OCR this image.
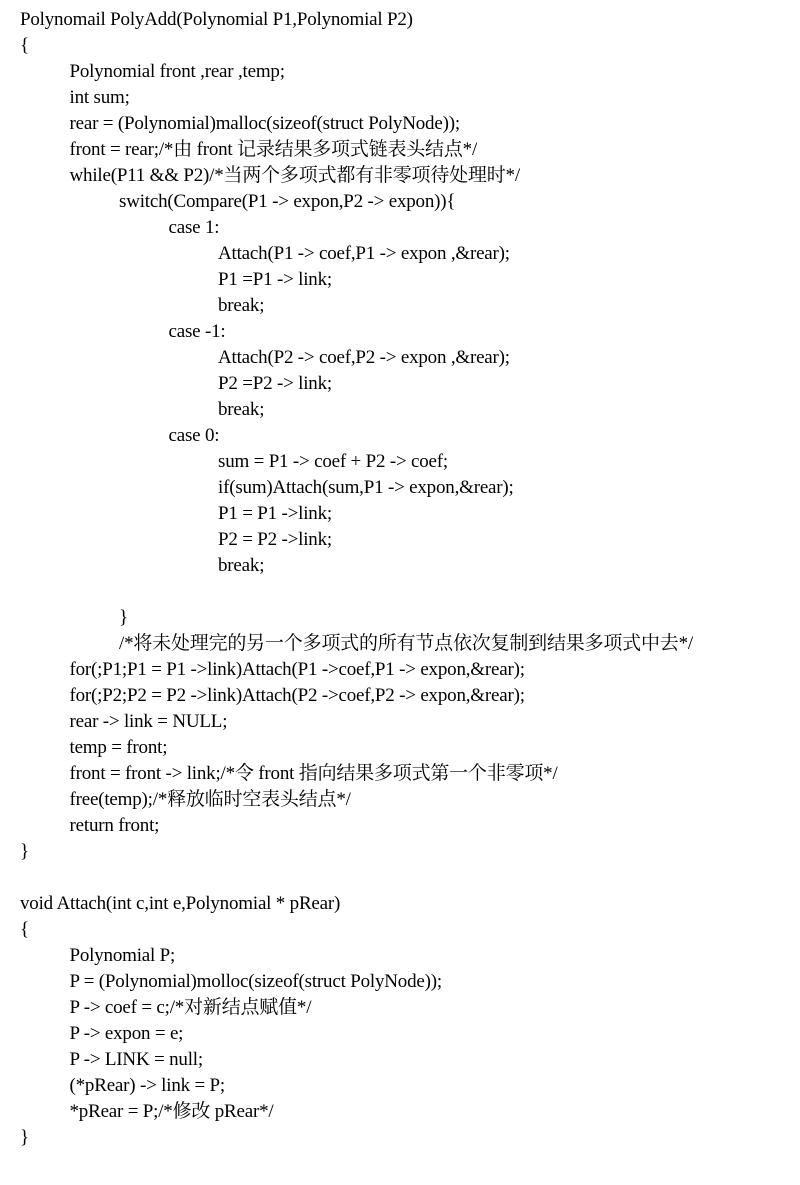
Polynomail PolyAdd(Polynomial P1,Polynomial P2)
{
Polynomial front ,rear ,temp;
int sum;
rear = (Polynomial)malloc(sizeof(struct PolyNode));
front = rear;/*由 front 记录结果多项式链表头结点*/
while(P11 && P2)/*当两个多项式都有非零项待处理时*/
switch(Compare(P1 -> expon,P2 -> expon)){
case 1:
Attach(P1 -> coef,P1 -> expon ,&rear);
P1 =P1 -> link;
break;
case -1:
Attach(P2 -> coef,P2 -> expon ,&rear);
P2 =P2 -> link;
break;
case 0:
sum = P1 -> coef + P2 -> coef;
if(sum)Attach(sum,P1 -> expon,&rear);
P1 = P1 ->link;
P2 = P2 ->link;
break;
}
/*将未处理完的另一个多项式的所有节点依次复制到结果多项式中去*/
for(;P1;P1 = P1 ->link)Attach(P1 ->coef,P1 -> expon,&rear);
for(;P2;P2 = P2 ->link)Attach(P2 ->coef,P2 -> expon,&rear);
rear -> link = NULL;
temp = front;
front = front -> link;/*令 front 指向结果多项式第一个非零项*/
free(temp);/*释放临时空表头结点*/
return front;
}
void Attach(int c,int e,Polynomial * pRear)
{
Polynomial P;
P = (Polynomial)molloc(sizeof(struct PolyNode));
P -> coef = c;/*对新结点赋值*/
P -> expon = e;
P -> LINK = null;
(*pRear) -> link = P;
*pRear = P;/*修改 pRear*/
}
